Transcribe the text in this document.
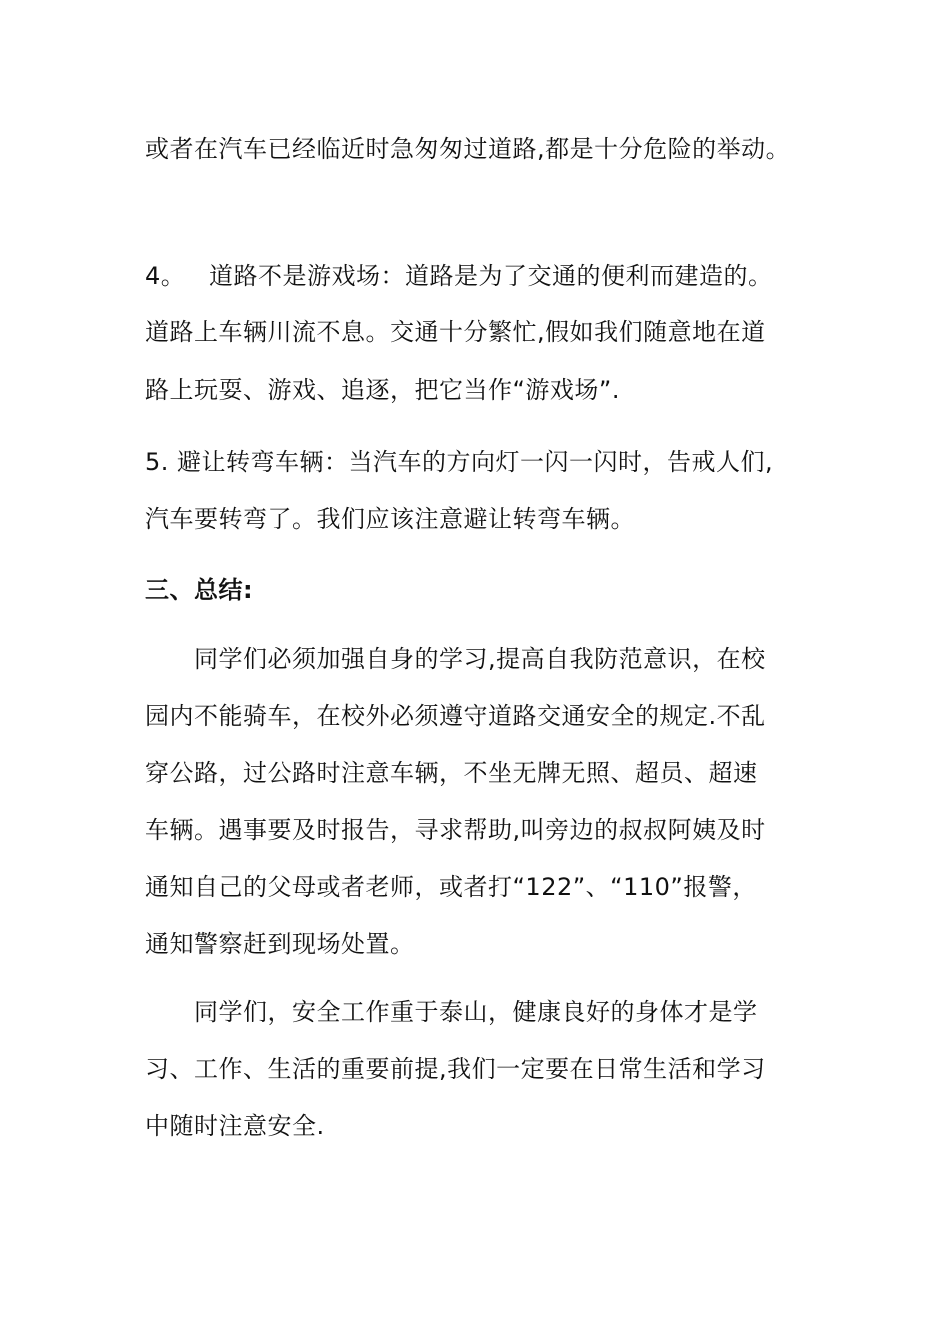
或者在汽车已经临近时急匆匆过道路,都是十分危险的举动。
4。 道路不是游戏场：道路是为了交通的便利而建造的。
道路上车辆川流不息。交通十分繁忙,假如我们随意地在道
路上玩耍、游戏、追逐，把它当作“游戏场”.
5. 避让转弯车辆：当汽车的方向灯一闪一闪时，告戒人们,
汽车要转弯了。我们应该注意避让转弯车辆。
三、总结:
同学们必须加强自身的学习,提高自我防范意识，在校
园内不能骑车，在校外必须遵守道路交通安全的规定.不乱
穿公路，过公路时注意车辆，不坐无牌无照、超员、超速
车辆。遇事要及时报告，寻求帮助,叫旁边的叔叔阿姨及时
通知自己的父母或者老师，或者打“122”、“110”报警，
通知警察赶到现场处置。
同学们，安全工作重于泰山，健康良好的身体才是学
习、工作、生活的重要前提,我们一定要在日常生活和学习
中随时注意安全.
